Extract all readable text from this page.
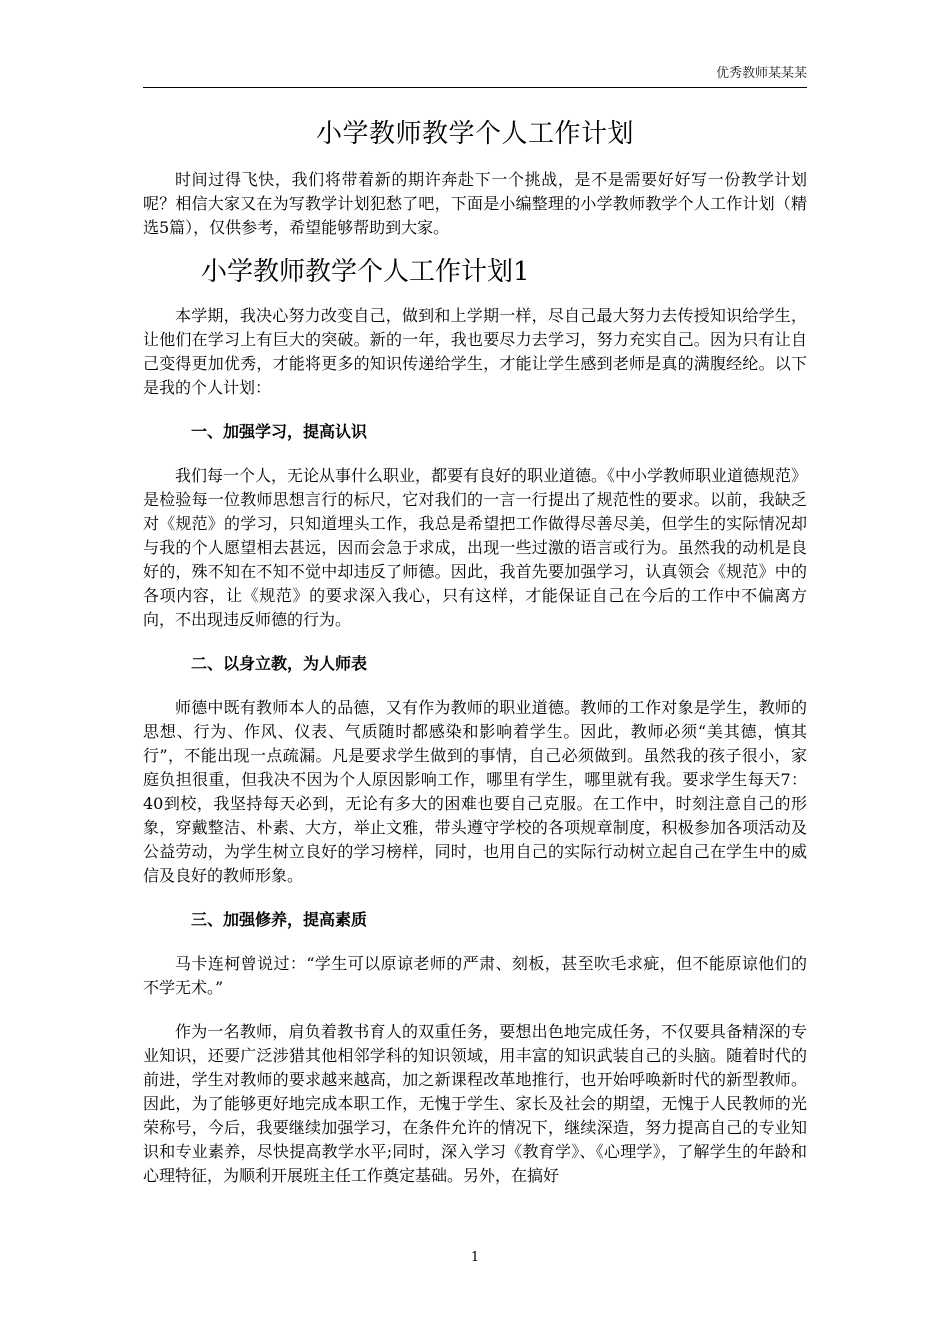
优秀教师某某某
小学教师教学个人工作计划

时间过得飞快，我们将带着新的期许奔赴下一个挑战，是不是需要好好写一份教学计划呢？相信大家又在为写教学计划犯愁了吧，下面是小编整理的小学教师教学个人工作计划（精选5篇），仅供参考，希望能够帮助到大家。

小学教师教学个人工作计划1

本学期，我决心努力改变自己，做到和上学期一样，尽自己最大努力去传授知识给学生，让他们在学习上有巨大的突破。新的一年，我也要尽力去学习，努力充实自己。因为只有让自己变得更加优秀，才能将更多的知识传递给学生，才能让学生感到老师是真的满腹经纶。以下是我的个人计划：

一、加强学习，提高认识

我们每一个人，无论从事什么职业，都要有良好的职业道德。《中小学教师职业道德规范》是检验每一位教师思想言行的标尺，它对我们的一言一行提出了规范性的要求。以前，我缺乏对《规范》的学习，只知道埋头工作，我总是希望把工作做得尽善尽美，但学生的实际情况却与我的个人愿望相去甚远，因而会急于求成，出现一些过激的语言或行为。虽然我的动机是良好的，殊不知在不知不觉中却违反了师德。因此，我首先要加强学习，认真领会《规范》中的各项内容，让《规范》的要求深入我心，只有这样，才能保证自己在今后的工作中不偏离方向，不出现违反师德的行为。

二、以身立教，为人师表

师德中既有教师本人的品德，又有作为教师的职业道德。教师的工作对象是学生，教师的思想、行为、作风、仪表、气质随时都感染和影响着学生。因此，教师必须“美其德，慎其行”，不能出现一点疏漏。凡是要求学生做到的事情，自己必须做到。虽然我的孩子很小，家庭负担很重，但我决不因为个人原因影响工作，哪里有学生，哪里就有我。要求学生每天7：40到校，我坚持每天必到，无论有多大的困难也要自己克服。在工作中，时刻注意自己的形象，穿戴整洁、朴素、大方，举止文雅，带头遵守学校的各项规章制度，积极参加各项活动及公益劳动，为学生树立良好的学习榜样，同时，也用自己的实际行动树立起自己在学生中的威信及良好的教师形象。

三、加强修养，提高素质

马卡连柯曾说过：“学生可以原谅老师的严肃、刻板，甚至吹毛求疵，但不能原谅他们的不学无术。”

作为一名教师，肩负着教书育人的双重任务，要想出色地完成任务，不仅要具备精深的专业知识，还要广泛涉猎其他相邻学科的知识领域，用丰富的知识武装自己的头脑。随着时代的前进，学生对教师的要求越来越高，加之新课程改革地推行，也开始呼唤新时代的新型教师。因此，为了能够更好地完成本职工作，无愧于学生、家长及社会的期望，无愧于人民教师的光荣称号，今后，我要继续加强学习，在条件允许的情况下，继续深造，努力提高自己的专业知识和专业素养，尽快提高教学水平;同时，深入学习《教育学》、《心理学》，了解学生的年龄和心理特征，为顺利开展班主任工作奠定基础。另外，在搞好

1
